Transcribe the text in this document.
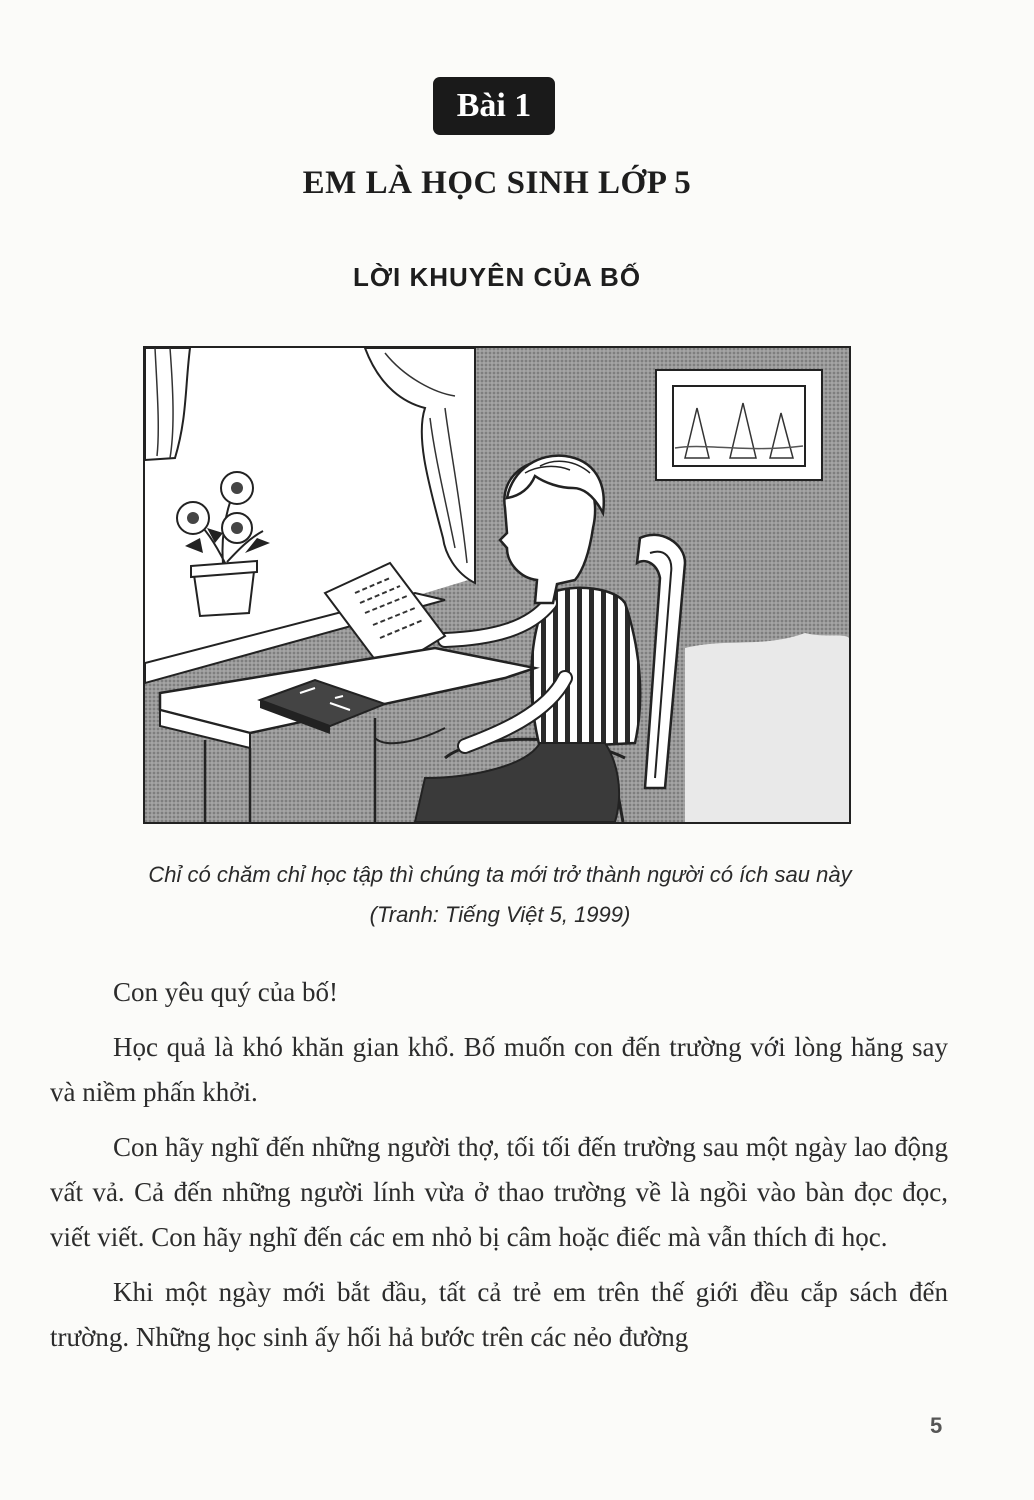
Bài 1
EM LÀ HỌC SINH LỚP 5
LỜI KHUYÊN CỦA BỐ
Chỉ có chăm chỉ học tập thì chúng ta mới trở thành người có ích sau này
(Tranh: Tiếng Việt 5, 1999)

Con yêu quý của bố!

Học quả là khó khăn gian khổ. Bố muốn con đến trường với lòng hăng say và niềm phấn khởi.

Con hãy nghĩ đến những người thợ, tối tối đến trường sau một ngày lao động vất vả. Cả đến những người lính vừa ở thao trường về là ngồi vào bàn đọc đọc, viết viết. Con hãy nghĩ đến các em nhỏ bị câm hoặc điếc mà vẫn thích đi học.

Khi một ngày mới bắt đầu, tất cả trẻ em trên thế giới đều cắp sách đến trường. Những học sinh ấy hối hả bước trên các nẻo đường

5
